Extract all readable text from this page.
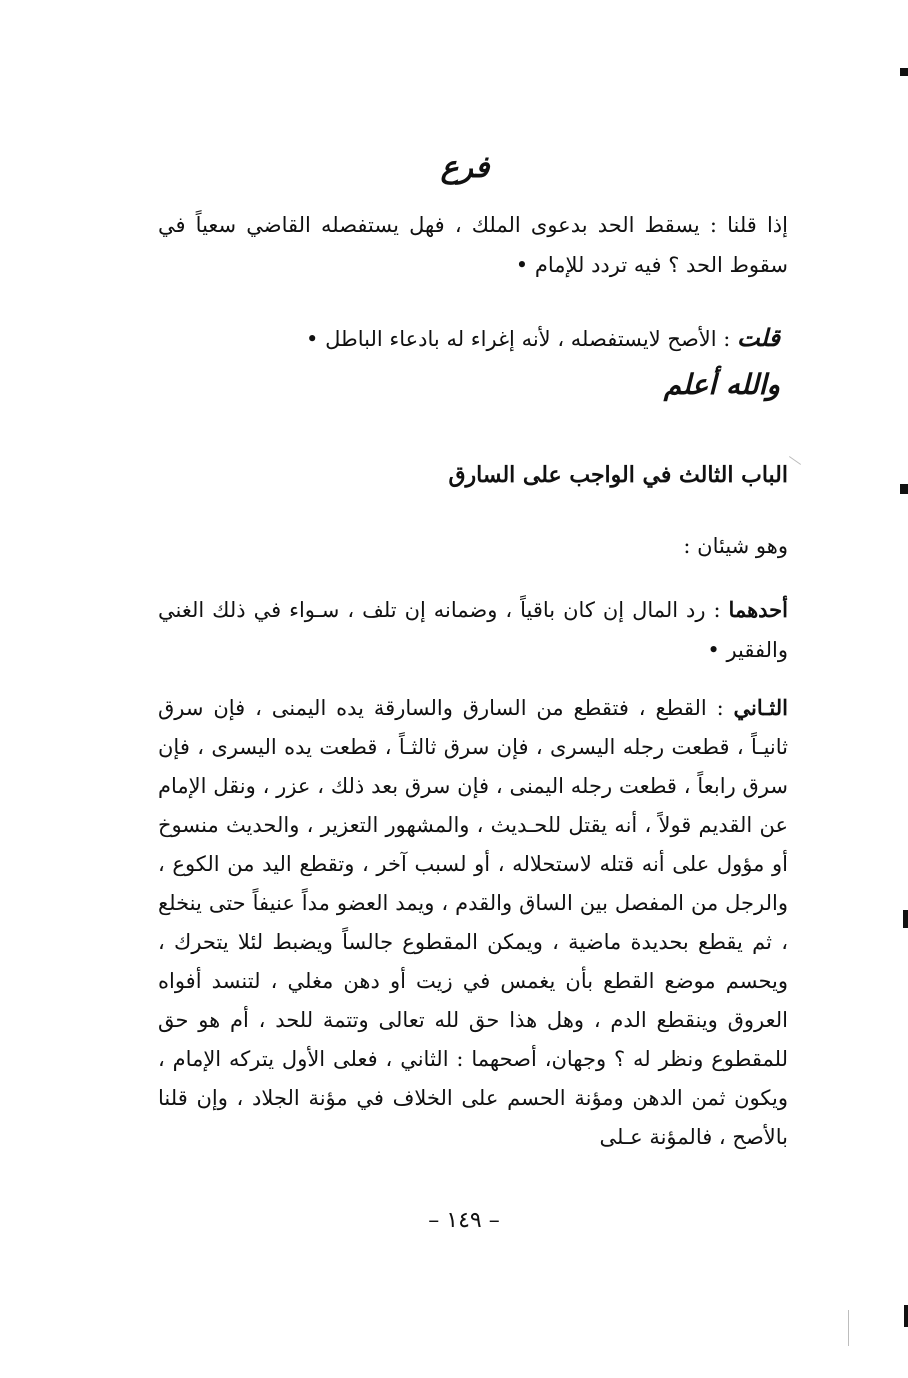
فرع
إذا قلنا : يسقط الحد بدعوى الملك ، فهل يستفصله القاضي سعياً في سقوط الحد ؟ فيه تردد للإمام •
قلت : الأصح لايستفصله ، لأنه إغراء له بادعاء الباطل •
والله أعلم
الباب الثالث في الواجب على السارق
وهو شيئان :
أحدهما : رد المال إن كان باقياً ، وضمانه إن تلف ، سـواء في ذلك الغني والفقير •
الثـاني : القطع ، فتقطع من السارق والسارقة يده اليمنى ، فإن سرق ثانيـاً ، قطعت رجله اليسرى ، فإن سرق ثالثـاً ، قطعت يده اليسرى ، فإن سرق رابعاً ، قطعت رجله اليمنى ، فإن سرق بعد ذلك ، عزر ، ونقل الإمام عن القديم قولاً ، أنه يقتل للحـديث ، والمشهور التعزير ، والحديث منسوخ أو مؤول على أنه قتله لاستحلاله ، أو لسبب آخر ، وتقطع اليد من الكوع ، والرجل من المفصل بين الساق والقدم ، ويمد العضو مداً عنيفاً حتى ينخلع ، ثم يقطع بحديدة ماضية ، ويمكن المقطوع جالساً ويضبط لئلا يتحرك ، ويحسم موضع القطع بأن يغمس في زيت أو دهن مغلي ، لتنسد أفواه العروق وينقطع الدم ، وهل هذا حق لله تعالى وتتمة للحد ، أم هو حق للمقطوع ونظر له ؟ وجهان، أصحهما : الثاني ، فعلى الأول يتركه الإمام ، ويكون ثمن الدهن ومؤنة الحسم على الخلاف في مؤنة الجلاد ، وإن قلنا بالأصح ، فالمؤنة عـلى
– ١٤٩ –
